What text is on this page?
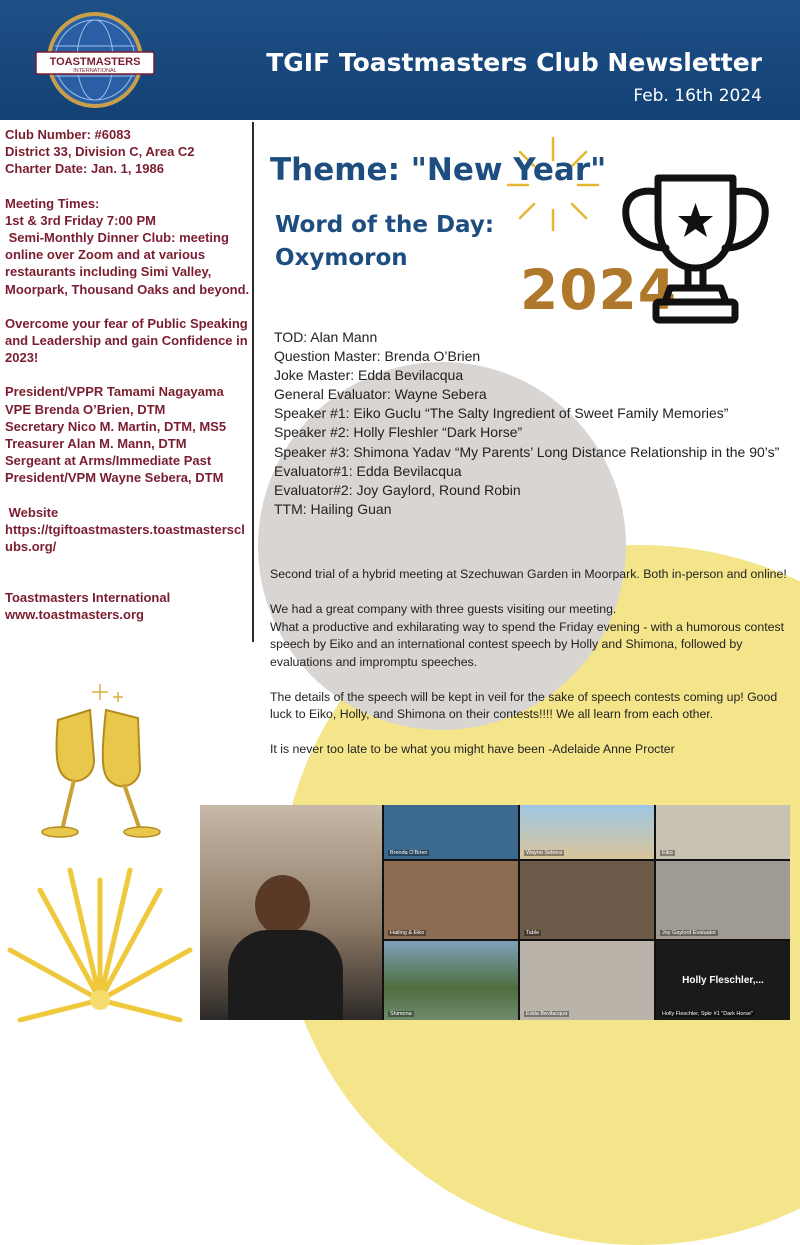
TOASTMASTERS
INTERNATIONAL	TGIF Toastmasters Club Newsletter
Feb. 16th 2024

Club Number: #6083

District 33, Division C, Area C2

Charter Date: Jan. 1, 1986

Meeting Times:

1st & 3rd Friday 7:00 PM

Semi-Monthly Dinner Club: meeting online over Zoom and at various restaurants including Simi Valley, Moorpark, Thousand Oaks and beyond.

Overcome your fear of Public Speaking and Leadership and gain Confidence in 2023!

President/VPPR Tamami Nagayama

VPE Brenda O’Brien, DTM

Secretary Nico M. Martin, DTM, MS5

Treasurer Alan M. Mann, DTM

Sergeant at Arms/Immediate Past President/VPM Wayne Sebera, DTM

Website

https://tgiftoastmasters.toastmastersclubs.org/

Toastmasters International

www.toastmasters.org

Theme: "New Year"
Word of the Day:
Oxymoron	2024
TOD: Alan Mann
Question Master: Brenda O’Brien
Joke Master: Edda Bevilacqua
General Evaluator: Wayne Sebera
Speaker #1: Eiko Guclu “The Salty Ingredient of Sweet Family Memories”
Speaker #2: Holly Fleshler “Dark Horse”
Speaker #3: Shimona Yadav “My Parents’ Long Distance Relationship in the 90’s”
Evaluator#1: Edda Bevilacqua
Evaluator#2: Joy Gaylord, Round Robin
TTM: Hailing Guan

Second trial of a hybrid meeting at Szechuwan Garden in Moorpark. Both in-person and online!

We had a great company with three guests visiting our meeting.

What a productive and exhilarating way to spend the Friday evening - with a humorous contest speech by Eiko and an international contest speech by Holly and Shimona, followed by evaluations and impromptu speeches.

The details of the speech will be kept in veil for the sake of speech contests coming up! Good luck to Eiko, Holly, and Shimona on their contests!!!! We all learn from each other.

It is never too late to be what you might have been -Adelaide Anne Procter

Brenda O'Brien	Wayne Sebera	Eiko
Hailing & Eiko	Table	Joy Gaylord Evaluator
Shimona	Edda Bevilacqua
Holly Fleschler,...
Holly Fleschler, Spkr #1 "Dark Horse"
